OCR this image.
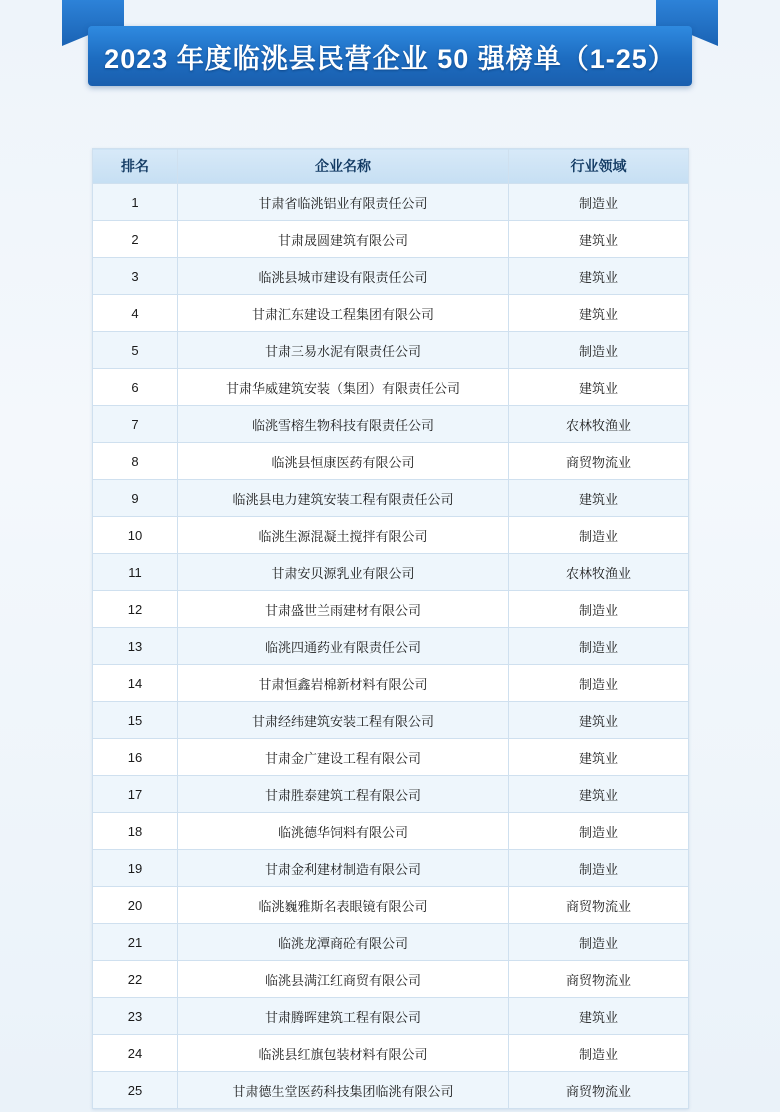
2023 年度临洮县民营企业 50 强榜单（1-25）
排名	企业名称	行业领域
1	甘肃省临洮铝业有限责任公司	制造业
2	甘肃晟圆建筑有限公司	建筑业
3	临洮县城市建设有限责任公司	建筑业
4	甘肃汇东建设工程集团有限公司	建筑业
5	甘肃三易水泥有限责任公司	制造业
6	甘肃华威建筑安装（集团）有限责任公司	建筑业
7	临洮雪榕生物科技有限责任公司	农林牧渔业
8	临洮县恒康医药有限公司	商贸物流业
9	临洮县电力建筑安装工程有限责任公司	建筑业
10	临洮生源混凝土搅拌有限公司	制造业
11	甘肃安贝源乳业有限公司	农林牧渔业
12	甘肃盛世兰雨建材有限公司	制造业
13	临洮四通药业有限责任公司	制造业
14	甘肃恒鑫岩棉新材料有限公司	制造业
15	甘肃经纬建筑安装工程有限公司	建筑业
16	甘肃金广建设工程有限公司	建筑业
17	甘肃胜泰建筑工程有限公司	建筑业
18	临洮德华饲料有限公司	制造业
19	甘肃金利建材制造有限公司	制造业
20	临洮巍雅斯名表眼镜有限公司	商贸物流业
21	临洮龙潭商砼有限公司	制造业
22	临洮县满江红商贸有限公司	商贸物流业
23	甘肃腾晖建筑工程有限公司	建筑业
24	临洮县红旗包装材料有限公司	制造业
25	甘肃德生堂医药科技集团临洮有限公司	商贸物流业
